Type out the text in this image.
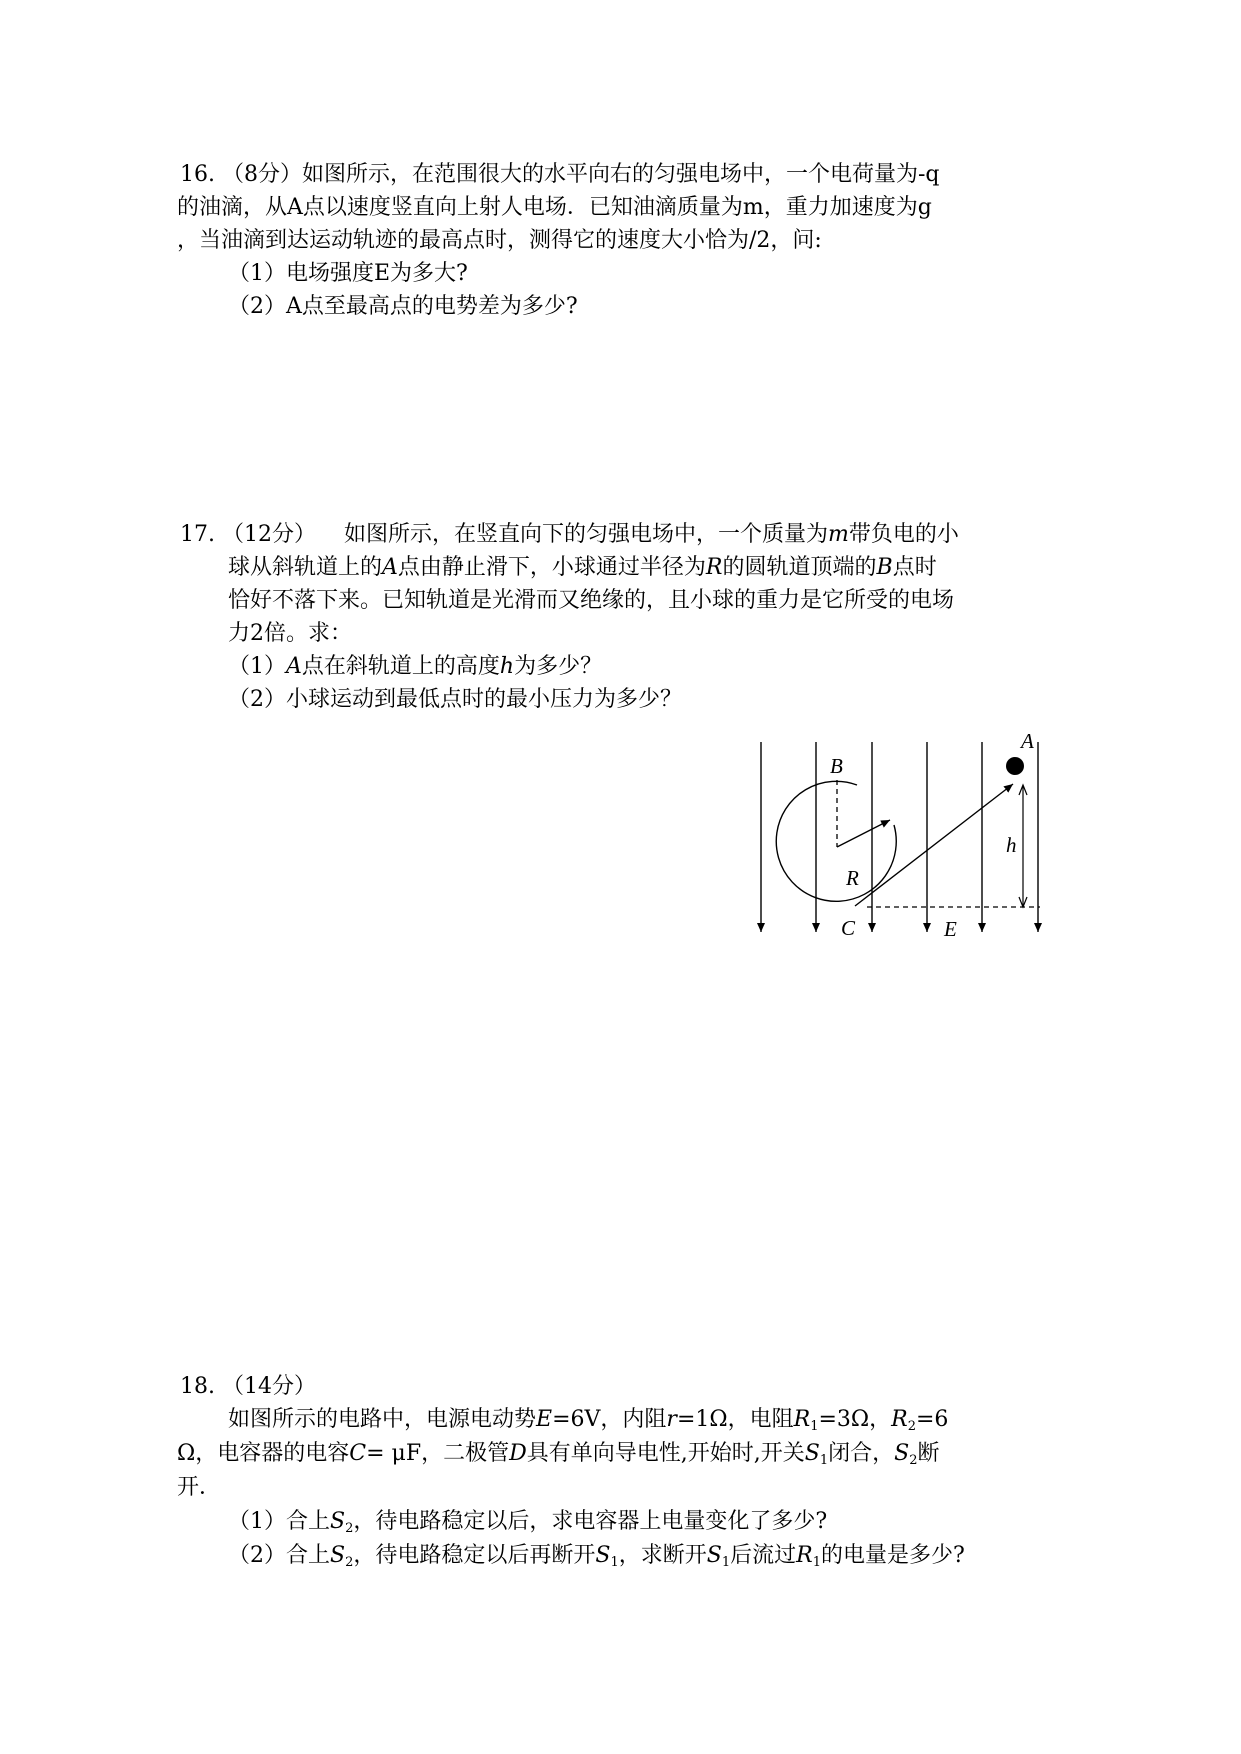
16. （8分）如图所示，在范围很大的水平向右的匀强电场中，一个电荷量为-q
的油滴，从A点以速度竖直向上射人电场．已知油滴质量为m，重力加速度为g
，当油滴到达运动轨迹的最高点时，测得它的速度大小恰为/2，问:
（1）电场强度E为多大?
（2）A点至最高点的电势差为多少?
17. （12分） 如图所示，在竖直向下的匀强电场中，一个质量为m带负电的小
球从斜轨道上的A点由静止滑下，小球通过半径为R的圆轨道顶端的B点时
恰好不落下来。已知轨道是光滑而又绝缘的，且小球的重力是它所受的电场
力2倍。求：
（1）A点在斜轨道上的高度h为多少？
（2）小球运动到最低点时的最小压力为多少？
A
B
R
h
C	E
18. （14分）
如图所示的电路中，电源电动势E=6V，内阻r=1Ω，电阻$R_1=3\Omega$，$R_2=6$
Ω，电容器的电容C= μF，二极管D具有单向导电性,开始时,开关$S_1$闭合，$S_2$断
开．
（1）合上$S_2$，待电路稳定以后，求电容器上电量变化了多少?
（2）合上$S_2$，待电路稳定以后再断开$S_1$，求断开$S_1$后流过$R_1$的电量是多少?
